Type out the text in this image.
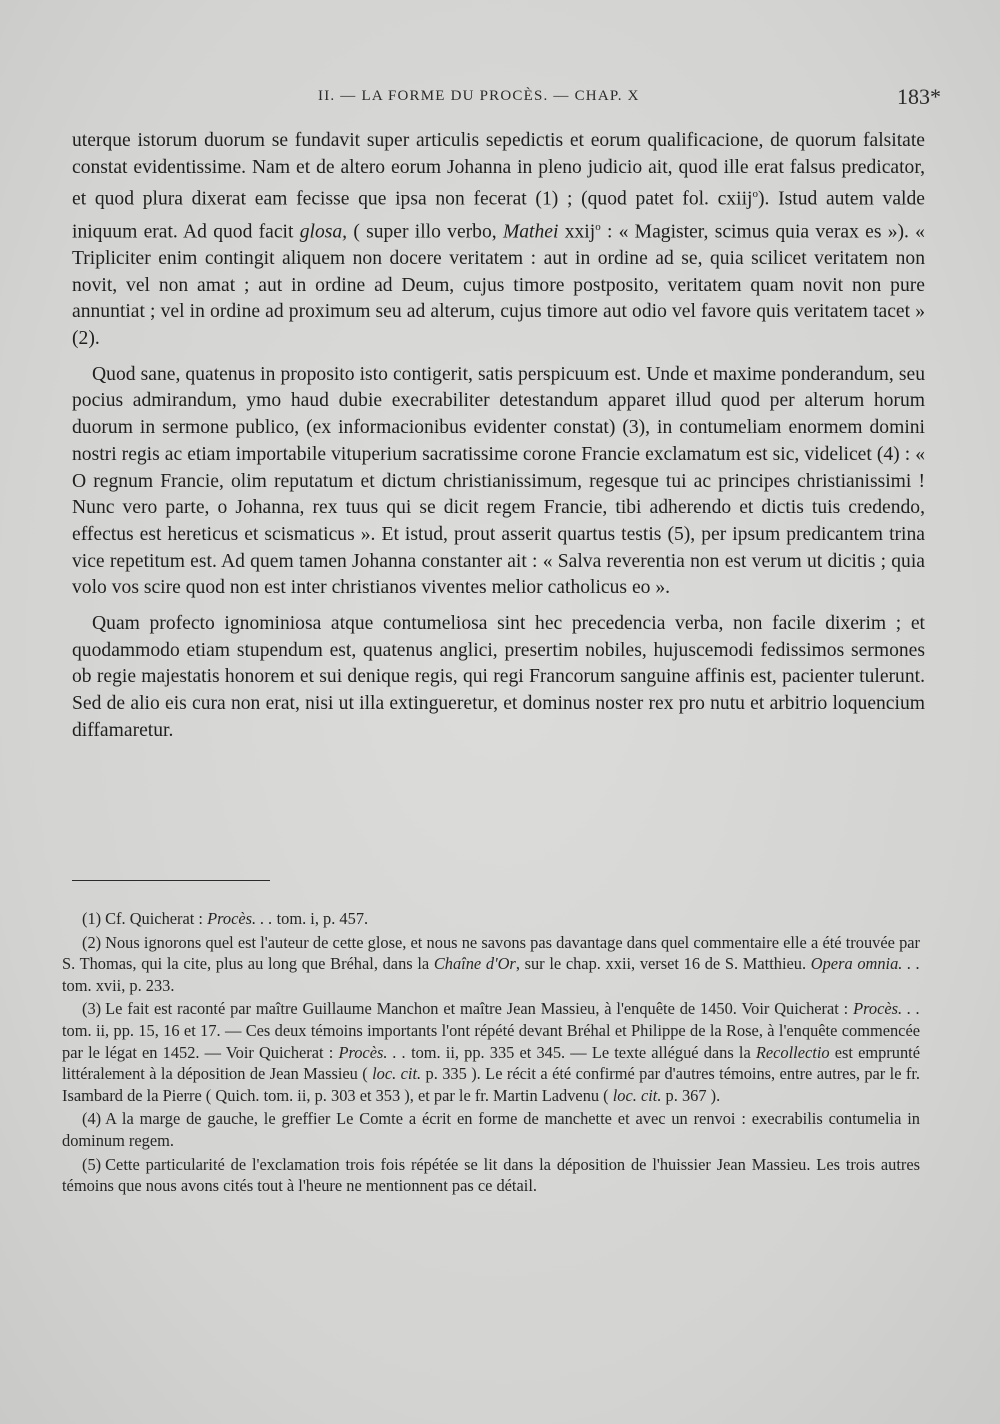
II. — LA FORME DU PROCÈS. — CHAP. X	183*

uterque istorum duorum se fundavit super articulis sepedictis et eorum qualificacione, de quorum falsitate constat evidentissime. Nam et de altero eorum Johanna in pleno judicio ait, quod ille erat falsus predicator, et quod plura dixerat eam fecisse que ipsa non fecerat (1) ; (quod patet fol. cxiij$^o$). Istud autem valde iniquum erat. Ad quod facit glosa, ( super illo verbo, Mathei xxij$^o$ : « Magister, scimus quia verax es »). « Tripliciter enim contingit aliquem non docere veritatem : aut in ordine ad se, quia scilicet veritatem non novit, vel non amat ; aut in ordine ad Deum, cujus timore postposito, veritatem quam novit non pure annuntiat ; vel in ordine ad proximum seu ad alterum, cujus timore aut odio vel favore quis veritatem tacet » (2).

Quod sane, quatenus in proposito isto contigerit, satis perspicuum est. Unde et maxime ponderandum, seu pocius admirandum, ymo haud dubie execrabiliter detestandum apparet illud quod per alterum horum duorum in sermone publico, (ex informacionibus evidenter constat) (3), in contumeliam enormem domini nostri regis ac etiam importabile vituperium sacratissime corone Francie exclamatum est sic, videlicet (4) : « O regnum Francie, olim reputatum et dictum christianissimum, regesque tui ac principes christianissimi ! Nunc vero parte, o Johanna, rex tuus qui se dicit regem Francie, tibi adherendo et dictis tuis credendo, effectus est hereticus et scismaticus ». Et istud, prout asserit quartus testis (5), per ipsum predicantem trina vice repetitum est. Ad quem tamen Johanna constanter ait : « Salva reverentia non est verum ut dicitis ; quia volo vos scire quod non est inter christianos viventes melior catholicus eo ».

Quam profecto ignominiosa atque contumeliosa sint hec precedencia verba, non facile dixerim ; et quodammodo etiam stupendum est, quatenus anglici, presertim nobiles, hujuscemodi fedissimos sermones ob regie majestatis honorem et sui denique regis, qui regi Francorum sanguine affinis est, pacienter tulerunt. Sed de alio eis cura non erat, nisi ut illa extingueretur, et dominus noster rex pro nutu et arbitrio loquencium diffamaretur.

(1) Cf. Quicherat : Procès. . . tom. i, p. 457.

(2) Nous ignorons quel est l'auteur de cette glose, et nous ne savons pas davantage dans quel commentaire elle a été trouvée par S. Thomas, qui la cite, plus au long que Bréhal, dans la Chaîne d'Or, sur le chap. xxii, verset 16 de S. Matthieu. Opera omnia. . . tom. xvii, p. 233.

(3) Le fait est raconté par maître Guillaume Manchon et maître Jean Massieu, à l'enquête de 1450. Voir Quicherat : Procès. . . tom. ii, pp. 15, 16 et 17. — Ces deux témoins importants l'ont répété devant Bréhal et Philippe de la Rose, à l'enquête commencée par le légat en 1452. — Voir Quicherat : Procès. . . tom. ii, pp. 335 et 345. — Le texte allégué dans la Recollectio est emprunté littéralement à la déposition de Jean Massieu ( loc. cit. p. 335 ). Le récit a été confirmé par d'autres témoins, entre autres, par le fr. Isambard de la Pierre ( Quich. tom. ii, p. 303 et 353 ), et par le fr. Martin Ladvenu ( loc. cit. p. 367 ).

(4) A la marge de gauche, le greffier Le Comte a écrit en forme de manchette et avec un renvoi : execrabilis contumelia in dominum regem.

(5) Cette particularité de l'exclamation trois fois répétée se lit dans la déposition de l'huissier Jean Massieu. Les trois autres témoins que nous avons cités tout à l'heure ne mentionnent pas ce détail.
